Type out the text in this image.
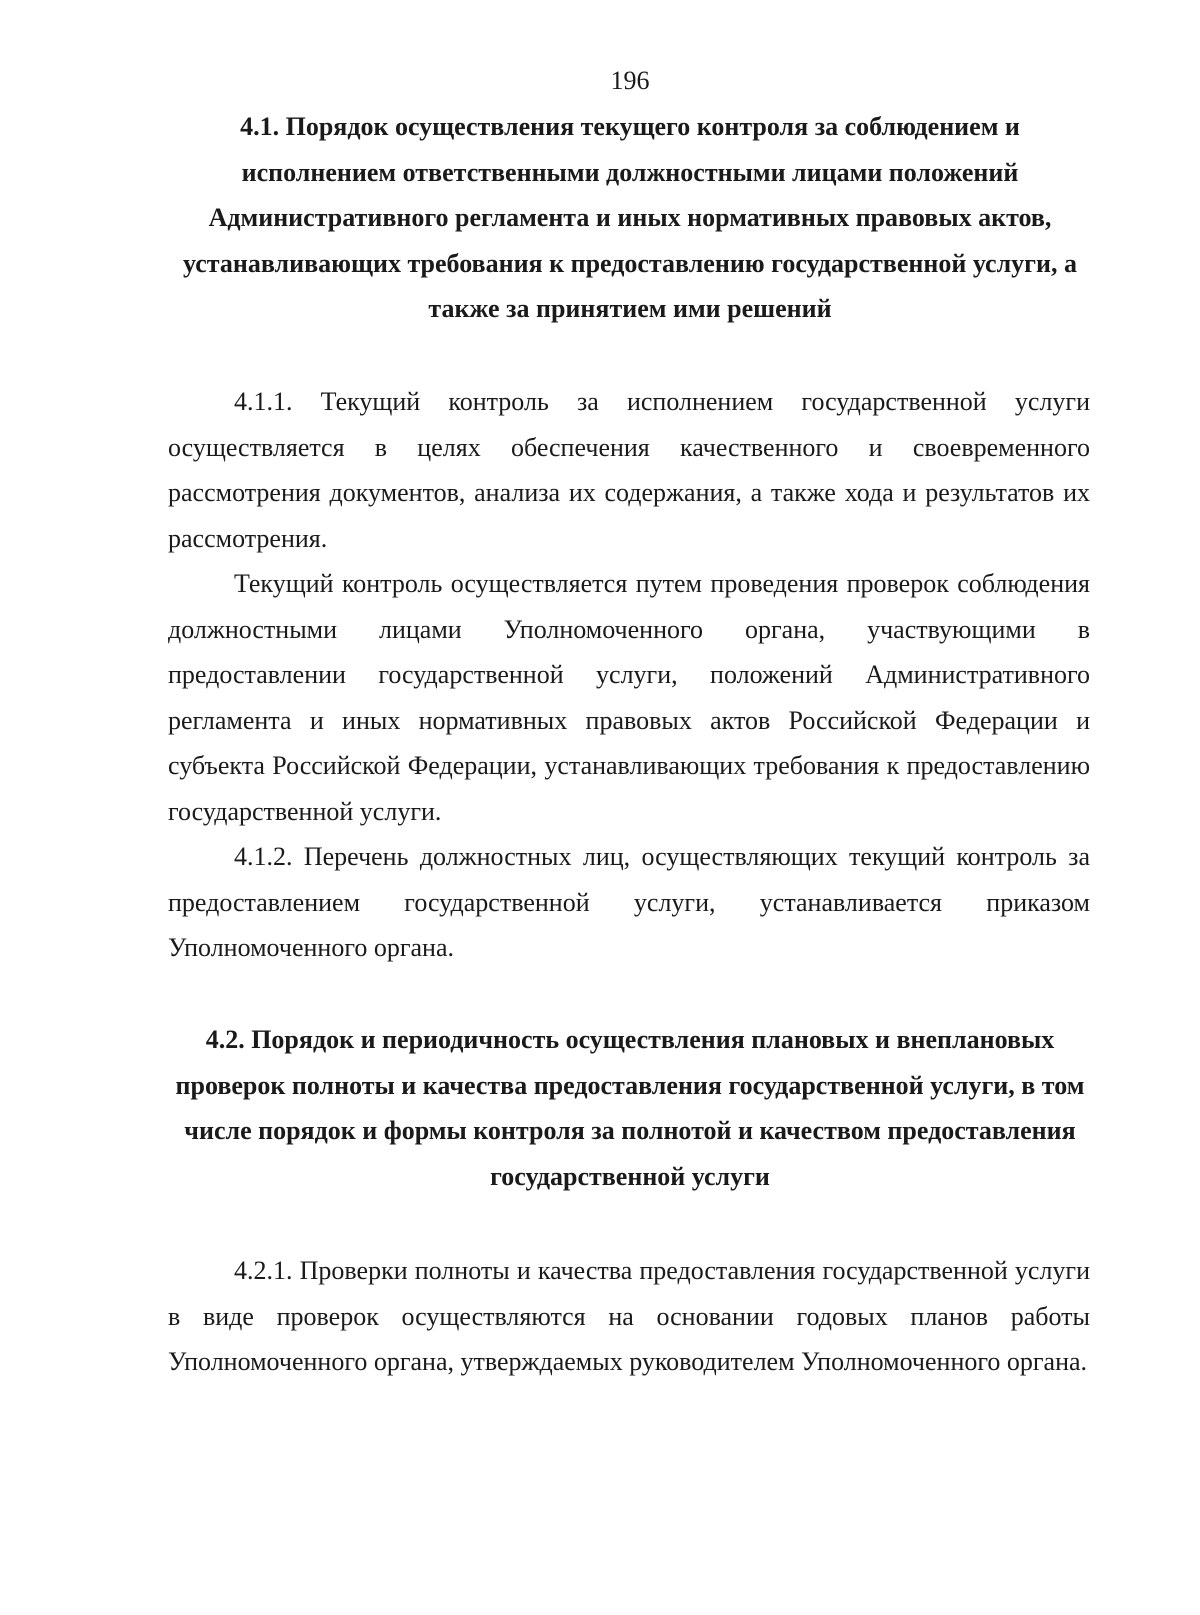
196
4.1. Порядок осуществления текущего контроля за соблюдением и исполнением ответственными должностными лицами положений Административного регламента и иных нормативных правовых актов, устанавливающих требования к предоставлению государственной услуги, а также за принятием ими решений

4.1.1. Текущий контроль за исполнением государственной услуги осуществляется в целях обеспечения качественного и своевременного рассмотрения документов, анализа их содержания, а также хода и результатов их рассмотрения.

Текущий контроль осуществляется путем проведения проверок соблюдения должностными лицами Уполномоченного органа, участвующими в предоставлении государственной услуги, положений Административного регламента и иных нормативных правовых актов Российской Федерации и субъекта Российской Федерации, устанавливающих требования к предоставлению государственной услуги.

4.1.2. Перечень должностных лиц, осуществляющих текущий контроль за предоставлением государственной услуги, устанавливается приказом Уполномоченного органа.

4.2. Порядок и периодичность осуществления плановых и внеплановых проверок полноты и качества предоставления государственной услуги, в том числе порядок и формы контроля за полнотой и качеством предоставления государственной услуги

4.2.1. Проверки полноты и качества предоставления государственной услуги в виде проверок осуществляются на основании годовых планов работы Уполномоченного органа, утверждаемых руководителем Уполномоченного органа.
